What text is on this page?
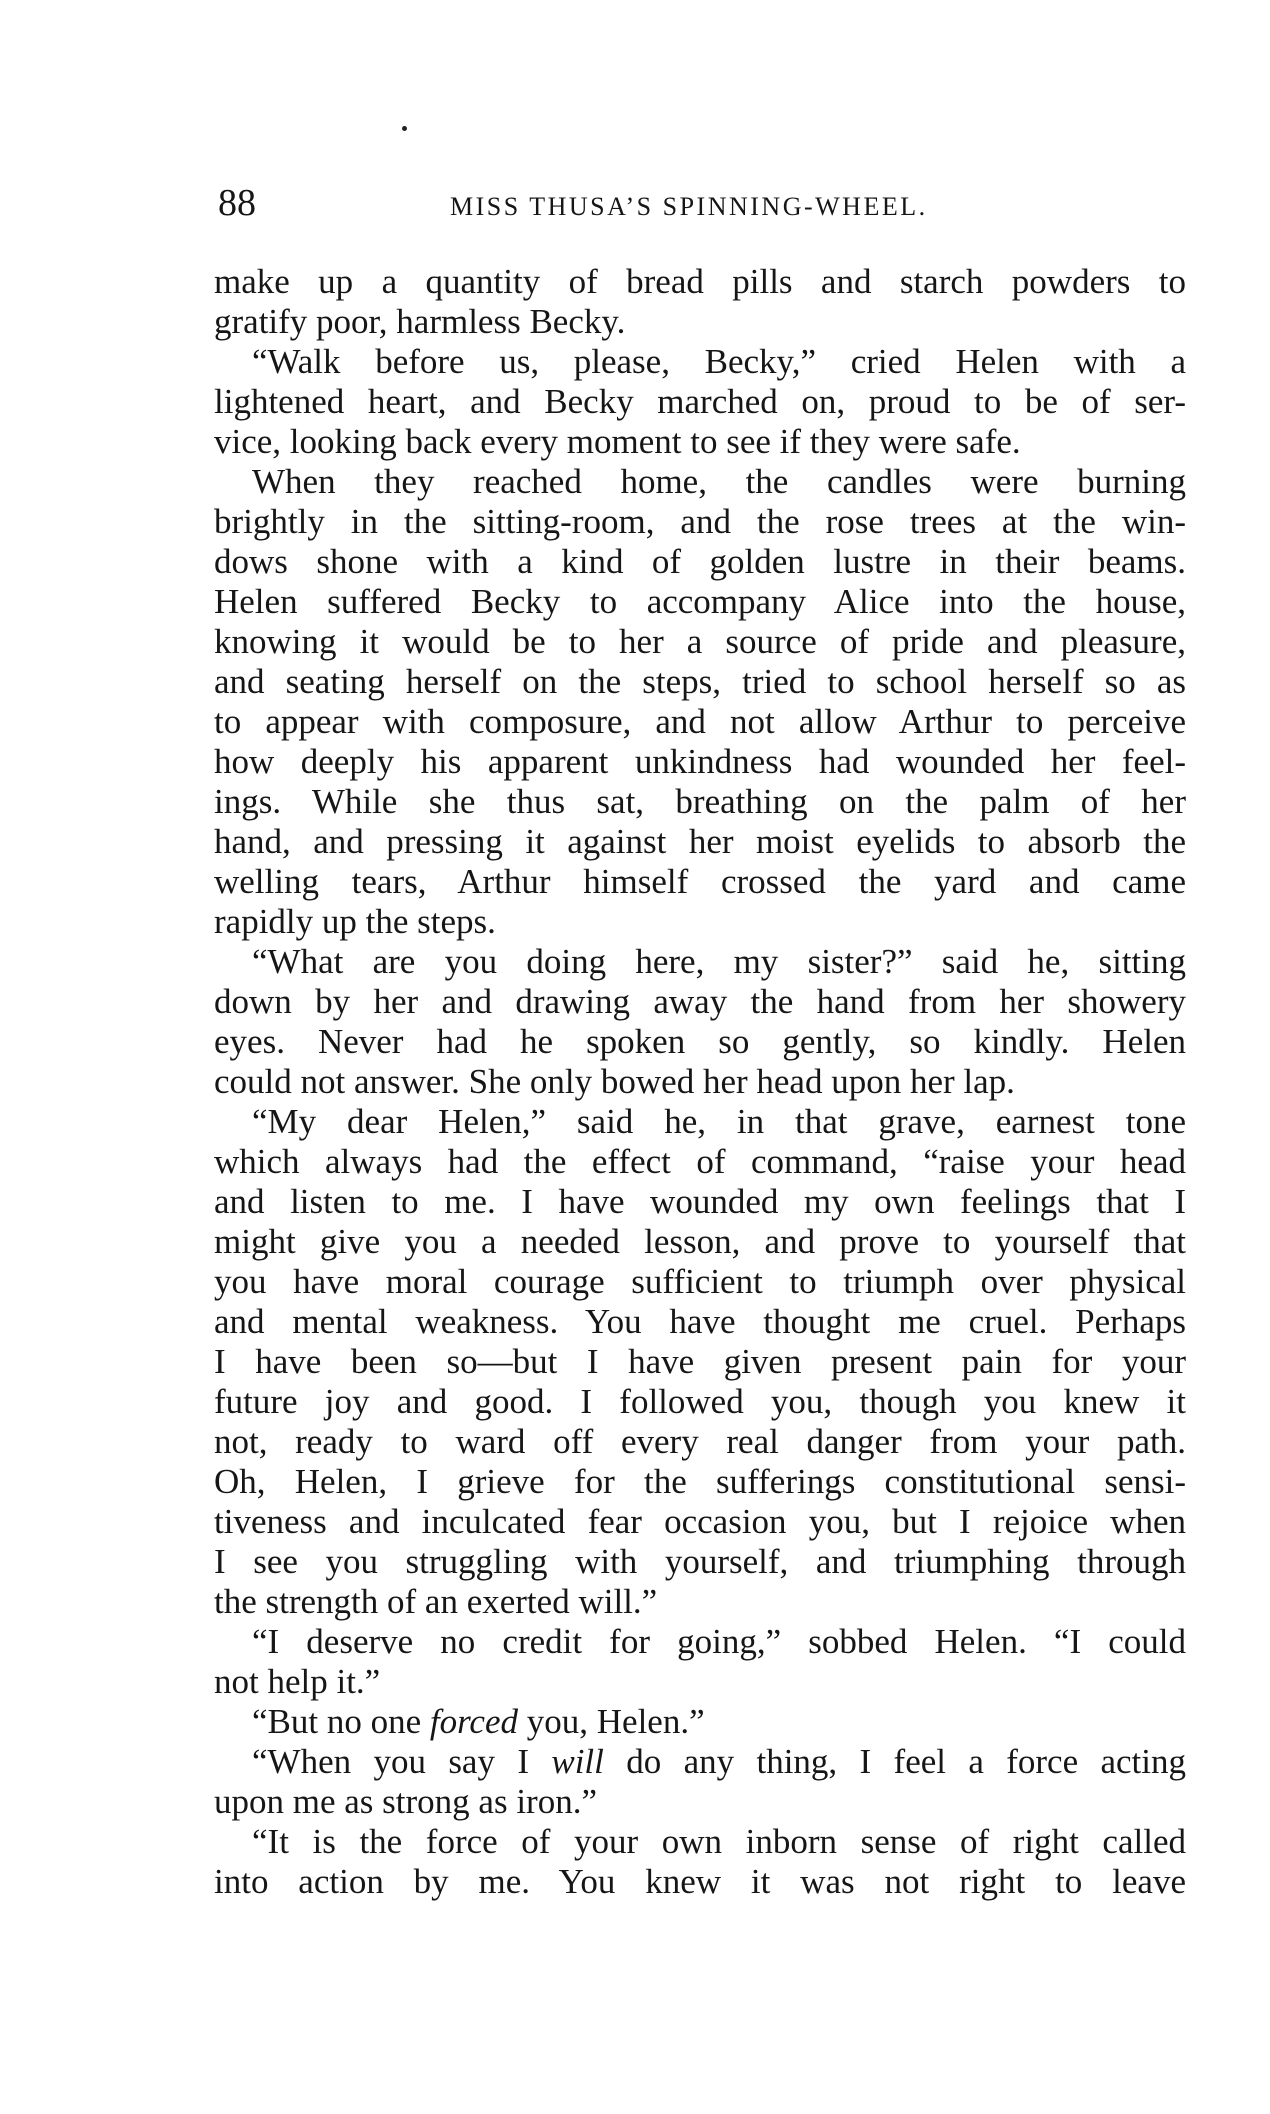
88	MISS THUSA’S SPINNING-WHEEL.
make up a quantity of bread pills and starch powders to
gratify poor, harmless Becky.
“Walk before us, please, Becky,” cried Helen with a
lightened heart, and Becky marched on, proud to be of ser-
vice, looking back every moment to see if they were safe.
When they reached home, the candles were burning
brightly in the sitting-room, and the rose trees at the win-
dows shone with a kind of golden lustre in their beams.
Helen suffered Becky to accompany Alice into the house,
knowing it would be to her a source of pride and pleasure,
and seating herself on the steps, tried to school herself so as
to appear with composure, and not allow Arthur to perceive
how deeply his apparent unkindness had wounded her feel-
ings. While she thus sat, breathing on the palm of her
hand, and pressing it against her moist eyelids to absorb the
welling tears, Arthur himself crossed the yard and came
rapidly up the steps.
“What are you doing here, my sister?” said he, sitting
down by her and drawing away the hand from her showery
eyes. Never had he spoken so gently, so kindly. Helen
could not answer. She only bowed her head upon her lap.
“My dear Helen,” said he, in that grave, earnest tone
which always had the effect of command, “raise your head
and listen to me. I have wounded my own feelings that I
might give you a needed lesson, and prove to yourself that
you have moral courage sufficient to triumph over physical
and mental weakness. You have thought me cruel. Perhaps
I have been so—but I have given present pain for your
future joy and good. I followed you, though you knew it
not, ready to ward off every real danger from your path.
Oh, Helen, I grieve for the sufferings constitutional sensi-
tiveness and inculcated fear occasion you, but I rejoice when
I see you struggling with yourself, and triumphing through
the strength of an exerted will.”
“I deserve no credit for going,” sobbed Helen. “I could
not help it.”
“But no one forced you, Helen.”
“When you say I will do any thing, I feel a force acting
upon me as strong as iron.”
“It is the force of your own inborn sense of right called
into action by me. You knew it was not right to leave
